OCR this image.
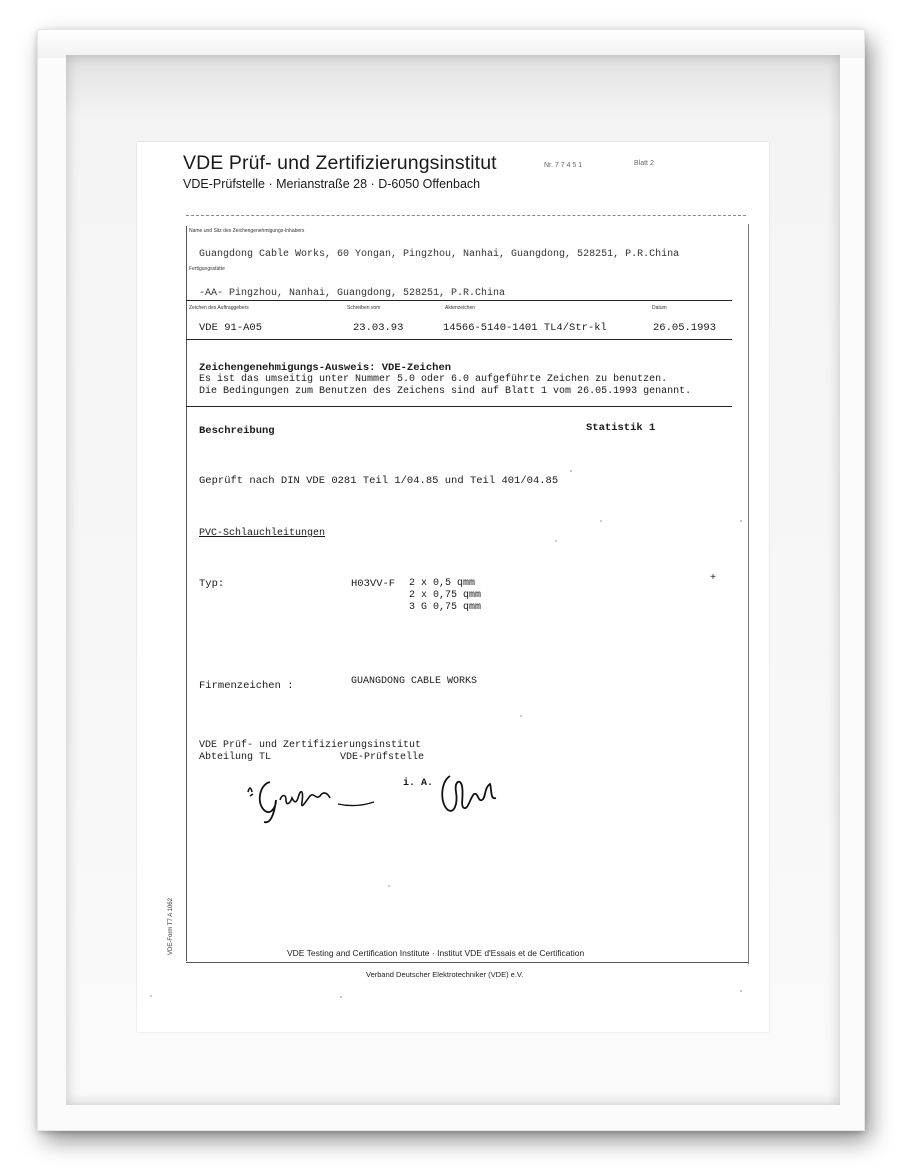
VDE Prüf- und Zertifizierungsinstitut
VDE-Prüfstelle · Merianstraße 28 · D-6050 Offenbach
Nr. 7 7 4 5 1	Blatt 2
Name und Sitz des Zeichengenehmigungs-Inhabers
Guangdong Cable Works, 60 Yongan, Pingzhou, Nanhai, Guangdong, 528251, P.R.China
Fertigungsstätte
-AA- Pingzhou, Nanhai, Guangdong, 528251, P.R.China
Zeichen des Auftraggebers	Schreiben vom	Aktenzeichen	Datum
VDE 91-A05	23.03.93	14566-5140-1401 TL4/Str-kl	26.05.1993
Zeichengenehmigungs-Ausweis: VDE-Zeichen
Es ist das umseitig unter Nummer 5.0 oder 6.0 aufgeführte Zeichen zu benutzen.
Die Bedingungen zum Benutzen des Zeichens sind auf Blatt 1 vom 26.05.1993 genannt.
Beschreibung	Statistik 1
Geprüft nach DIN VDE 0281 Teil 1/04.85 und Teil 401/04.85
PVC-Schlauchleitungen
Typ:	H03VV-F 2 x 0,5 qmm
2 x 0,75 qmm
3 G 0,75 qmm
+
Firmenzeichen :	GUANGDONG CABLE WORKS
VDE Prüf- und Zertifizierungsinstitut
Abteilung TL	VDE-Prüfstelle
i. A.
VDE Testing and Certification Institute · Institut VDE d'Essais et de Certification
Verband Deutscher Elektrotechniker (VDE) e.V.
VDE-Form T7 A 1062
